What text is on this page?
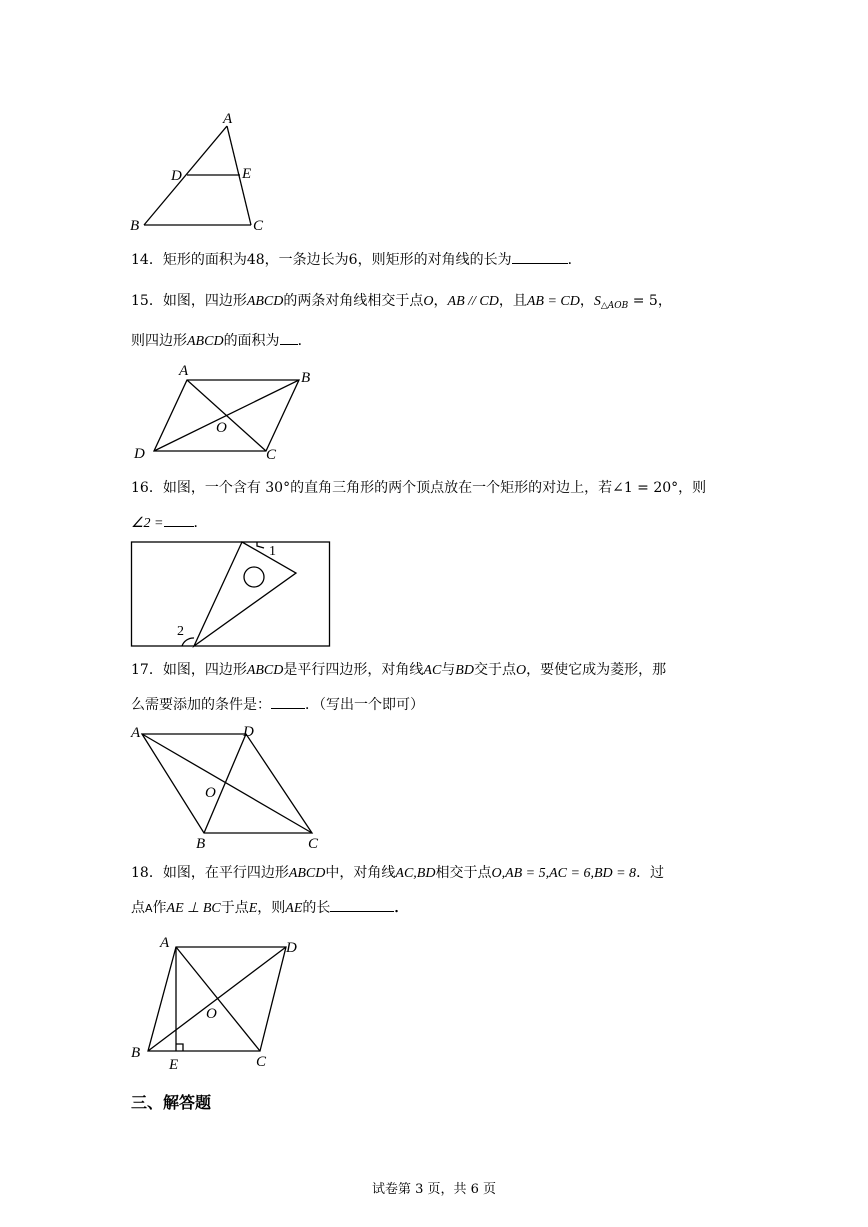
A
D	E
B	C
14．矩形的面积为48，一条边长为6，则矩形的对角线的长为	．
15．如图，四边形ABCD的两条对角线相交于点O，AB // CD，且AB = CD，$S_{\triangle AOB} = 5$，
则四边形ABCD的面积为 ．
A	B
O
D	C
16．如图，一个含有 30°的直角三角形的两个顶点放在一个矩形的对边上，若∠1 = 20°，则
∠2 = ．
1
2
17．如图，四边形ABCD是平行四边形，对角线AC与BD交于点O，要使它成为菱形，那
么需要添加的条件是： ．（写出一个即可）
A	D
O
B	C
18．如图，在平行四边形ABCD中，对角线AC,BD相交于点O,AB = 5,AC = 6,BD = 8．过
点A作AE ⊥ BC于点E，则AE的长	．
A	D
O
B
E	C
三、解答题
试卷第 3 页，共 6 页
